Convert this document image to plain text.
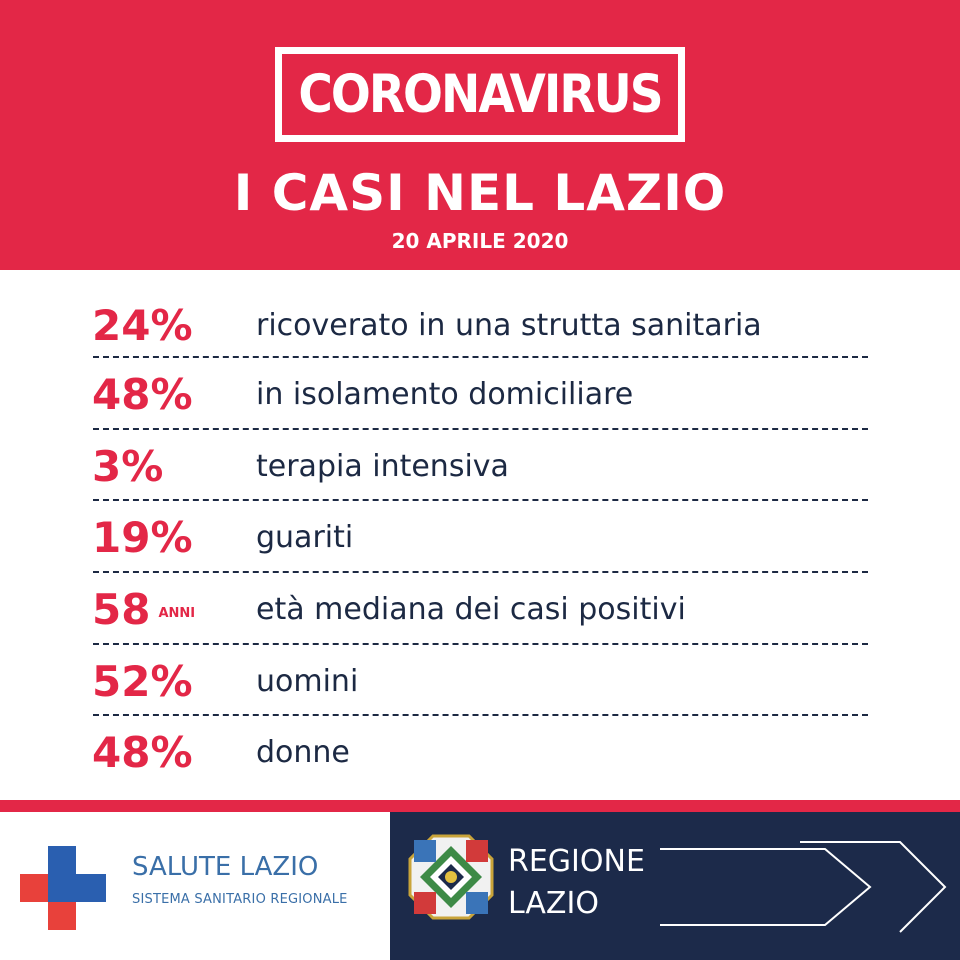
CORONAVIRUS
I CASI NEL LAZIO
20 APRILE 2020
24% ricoverato in una strutta sanitaria
48% in isolamento domiciliare
3%	terapia intensiva
19% guariti
58 ANNI età mediana dei casi positivi
52% uomini
48% donne
SALUTE LAZIO
SISTEMA SANITARIO REGIONALE
REGIONE
LAZIO
